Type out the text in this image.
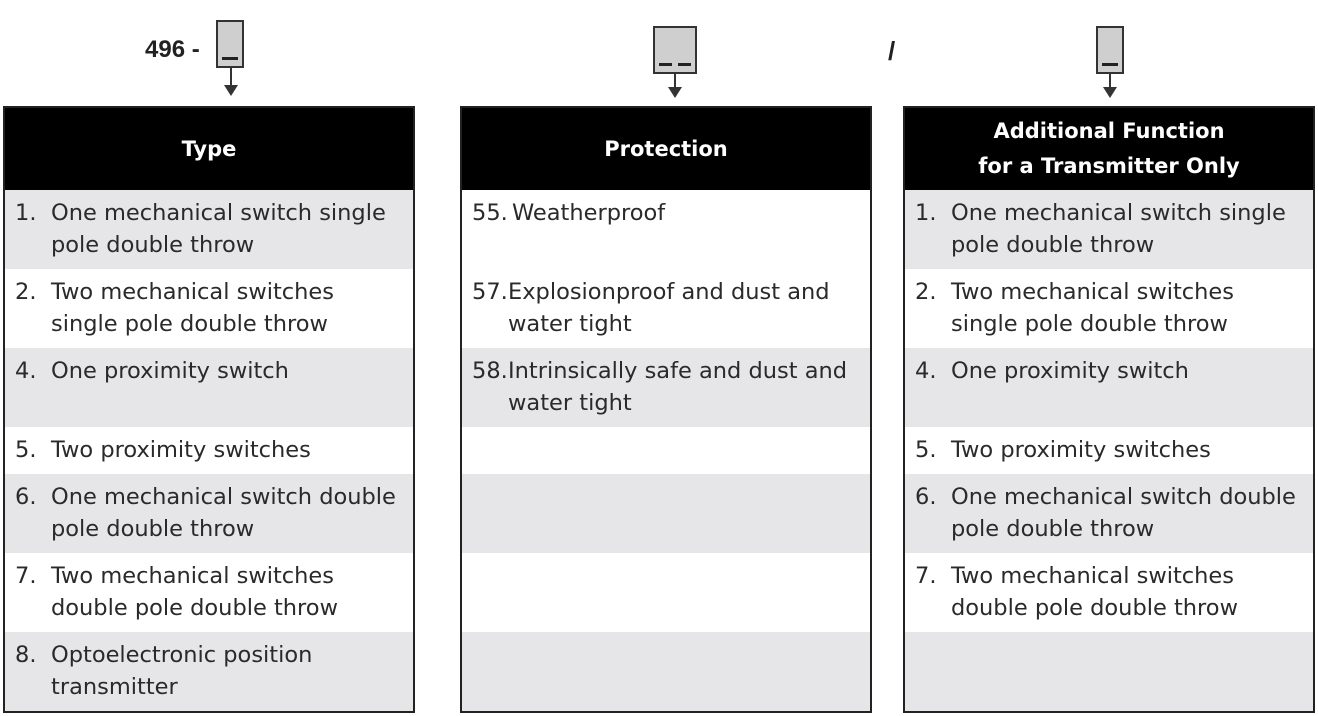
496 -	/
Type
1. One mechanical switch single pole double throw
2. Two mechanical switches single pole double throw
4. One proximity switch
5. Two proximity switches
6. One mechanical switch double pole double throw
7. Two mechanical switches double pole double throw
8. Optoelectronic position transmitter
Protection
55. Weatherproof
57. Explosionproof and dust and water tight
58. Intrinsically safe and dust and water tight
Additional Function
for a Transmitter Only
1. One mechanical switch single pole double throw
2. Two mechanical switches single pole double throw
4. One proximity switch
5. Two proximity switches
6. One mechanical switch double pole double throw
7. Two mechanical switches double pole double throw
